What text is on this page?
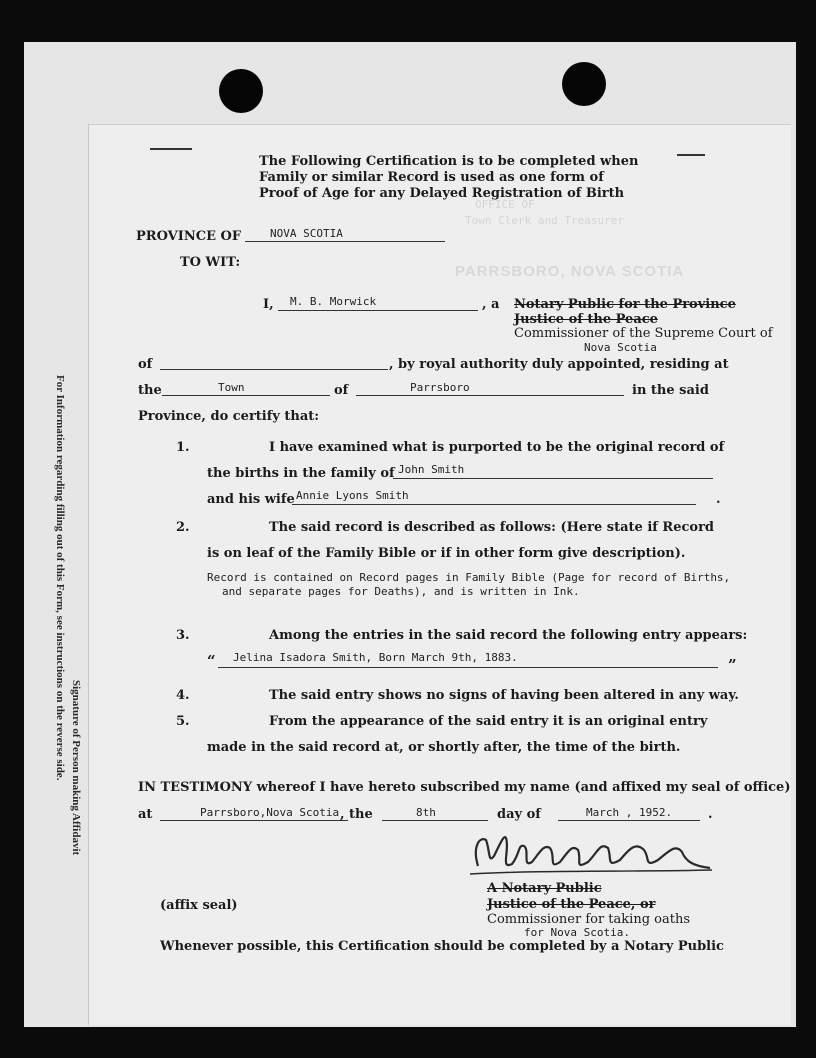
For Information regarding filling out of this Form, see instructions on the reverse side. Signature of Person making Affidavit
OFFICE OF
Town Clerk and Treasurer
PARRSBORO, NOVA SCOTIA
The Following Certification is to be completed when
Family or similar Record is used as one form of
Proof of Age for any Delayed Registration of Birth
PROVINCE OF	NOVA SCOTIA
TO WIT:
I, M. B. Morwick	, a Notary Public for the Province
Justice of the Peace
Commissioner of the Supreme Court of
Nova Scotia
of	, by royal authority duly appointed, residing at
the	Town	of	Parrsboro	in the said
Province, do certify that:
1.	I have examined what is purported to be the original record of
the births in the family of John Smith
and his wife Annie Lyons Smith	.
2.	The said record is described as follows: (Here state if Record
is on leaf of the Family Bible or if in other form give description).
Record is contained on Record pages in Family Bible (Page for record of Births,
and separate pages for Deaths), and is written in Ink.
3.	Among the entries in the said record the following entry appears:
“ Jelina Isadora Smith, Born March 9th, 1883.	”
4.	The said entry shows no signs of having been altered in any way.
5.	From the appearance of the said entry it is an original entry
made in the said record at, or shortly after, the time of the birth.
IN TESTIMONY whereof I have hereto subscribed my name (and affixed my seal of office)
at	Parrsboro,Nova Scotia , the	8th	day of	March , 1952.	.
A Notary Public
Justice of the Peace, or
Commissioner for taking oaths
for Nova Scotia.
(affix seal)
Whenever possible, this Certification should be completed by a Notary Public
